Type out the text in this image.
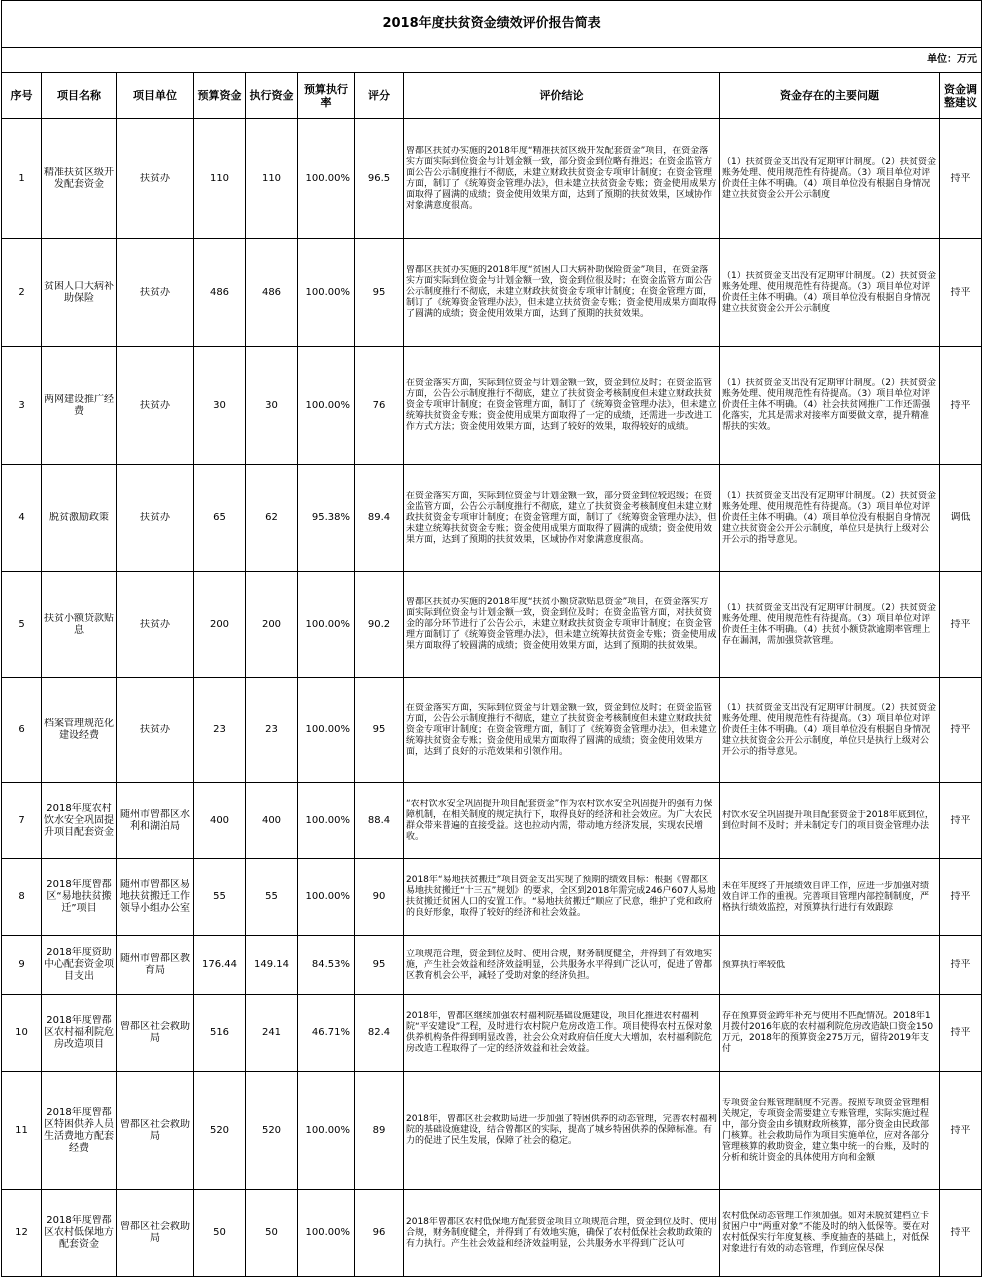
2018年度扶贫资金绩效评价报告简表									
单位：万元									
序号	项目名称	项目单位	预算资金	执行资金	预算执行率	评分	评价结论	资金存在的主要问题	资金调整建议

1	精准扶贫区级开发配套资金	扶贫办	110	110	100.00%	96.5	曾都区扶贫办实施的2018年度“精准扶贫区级开发配套资金”项目，在资金落实方面实际到位资金与计划金额一致，部分资金到位略有推迟；在资金监管方面公告公示制度推行不彻底，未建立财政扶贫资金专项审计制度；在资金管理方面，制订了《统筹资金管理办法》，但未建立扶贫资金专账；资金使用成果方面取得了圆满的成绩；资金使用效果方面，达到了预期的扶贫效果，区域协作对象满意度很高。	（1）扶贫资金支出没有定期审计制度。（2）扶贫资金账务处理、使用规范性有待提高。（3）项目单位对评价责任主体不明确。（4）项目单位没有根据自身情况建立扶贫资金公开公示制度	持平

2	贫困人口大病补助保险	扶贫办	486	486	100.00%	95	曾都区扶贫办实施的2018年度“贫困人口大病补助保险资金”项目，在资金落实方面实际到位资金与计划金额一致，资金到位很及时；在资金监管方面公告公示制度推行不彻底，未建立财政扶贫资金专项审计制度；在资金管理方面，制订了《统筹资金管理办法》，但未建立扶贫资金专账；资金使用成果方面取得了圆满的成绩；资金使用效果方面，达到了预期的扶贫效果。	（1）扶贫资金支出没有定期审计制度。（2）扶贫资金账务处理、使用规范性有待提高。（3）项目单位对评价责任主体不明确。（4）项目单位没有根据自身情况建立扶贫资金公开公示制度	持平

3	两网建设推广经费	扶贫办	30	30	100.00%	76	在资金落实方面，实际到位资金与计划金额一致，资金到位及时；在资金监管方面，公告公示制度推行不彻底，建立了扶贫资金考核制度但未建立财政扶贫资金专项审计制度；在资金管理方面，制订了《统筹资金管理办法》，但未建立统筹扶贫资金专账；资金使用成果方面取得了一定的成绩，还需进一步改进工作方式方法；资金使用效果方面，达到了较好的效果，取得较好的成绩。	（1）扶贫资金支出没有定期审计制度。（2）扶贫资金账务处理、使用规范性有待提高。（3）项目单位对评价责任主体不明确。（4）社会扶贫网推广工作还需强化落实，尤其是需求对接率方面要做文章，提升精准帮扶的实效。	持平

4	脱贫激励政策	扶贫办	65	62	95.38%	89.4	在资金落实方面，实际到位资金与计划金额一致，部分资金到位较迟缓；在资金监管方面，公告公示制度推行不彻底，建立了扶贫资金考核制度但未建立财政扶贫资金专项审计制度；在资金管理方面，制订了《统筹资金管理办法》，但未建立统筹扶贫资金专账；资金使用成果方面取得了圆满的成绩；资金使用效果方面，达到了预期的扶贫效果，区域协作对象满意度很高。	（1）扶贫资金支出没有定期审计制度。（2）扶贫资金账务处理、使用规范性有待提高。（3）项目单位对评价责任主体不明确。（4）项目单位没有根据自身情况建立扶贫资金公开公示制度，单位只是执行上级对公开公示的指导意见。	调低

5	扶贫小额贷款贴息	扶贫办	200	200	100.00%	90.2	曾都区扶贫办实施的2018年度“扶贫小额贷款贴息资金”项目，在资金落实方面实际到位资金与计划金额一致，资金到位及时；在资金监管方面，对扶贫资金的部分环节进行了公告公示，未建立财政扶贫资金专项审计制度；在资金管理方面制订了《统筹资金管理办法》，但未建立统筹扶贫资金专账；资金使用成果方面取得了较圆满的成绩；资金使用效果方面，达到了预期的扶贫效果。	（1）扶贫资金支出没有定期审计制度。（2）扶贫资金账务处理、使用规范性有待提高。（3）项目单位对评价责任主体不明确。（4）扶贫小额贷款逾期率管理上存在漏洞，需加强贷款管理。	持平

6	档案管理规范化建设经费	扶贫办	23	23	100.00%	95	在资金落实方面，实际到位资金与计划金额一致，资金到位及时；在资金监管方面，公告公示制度推行不彻底，建立了扶贫资金考核制度但未建立财政扶贫资金专项审计制度；在资金管理方面，制订了《统筹资金管理办法》，但未建立统筹扶贫资金专账；资金使用成果方面取得了圆满的成绩；资金使用效果方面，达到了良好的示范效果和引领作用。	（1）扶贫资金支出没有定期审计制度。（2）扶贫资金账务处理、使用规范性有待提高。（3）项目单位对评价责任主体不明确。（4）项目单位没有根据自身情况建立扶贫资金公开公示制度，单位只是执行上级对公开公示的指导意见。	持平

7	2018年度农村饮水安全巩固提升项目配套资金	随州市曾都区水利和湖泊局	400	400	100.00%	88.4	“农村饮水安全巩固提升项目配套资金”作为农村饮水安全巩固提升的强有力保障机制，在相关制度的规定执行下，取得良好的经济和社会效应。为广大农民群众带来普遍的直接受益。这也拉动内需，带动地方经济发展，实现农民增收。	村饮水安全巩固提升项目配套资金于2018年底到位，到位时间不及时；并未制定专门的项目资金管理办法	持平

8	2018年度曾都区“易地扶贫搬迁”项目	随州市曾都区易地扶贫搬迁工作领导小组办公室	55	55	100.00%	90	2018年“易地扶贫搬迁”项目资金支出实现了预期的绩效目标：根据《曾都区易地扶贫搬迁“十三五”规划》的要求，全区到2018年需完成246户607人易地扶贫搬迁贫困人口的安置工作。“易地扶贫搬迁”顺应了民意，维护了党和政府的良好形象，取得了较好的经济和社会效益。	未在年度终了开展绩效自评工作，应进一步加强对绩效自评工作的重视。完善项目管理内部控制制度，严格执行绩效监控，对预算执行进行有效跟踪	持平

9	2018年度资助中心配套资金项目支出	随州市曾都区教育局	176.44	149.14	84.53%	95	立项规范合理，资金到位及时、使用合规，财务制度健全，并得到了有效地实施，产生社会效益和经济效益明显，公共服务水平得到广泛认可，促进了曾都区教育机会公平，减轻了受助对象的经济负担。	预算执行率较低	持平

10	2018年度曾都区农村福利院危房改造项目	曾都区社会救助局	516	241	46.71%	82.4	2018年，曾都区继续加强农村福利院基础设施建设，项目化推进农村福利院“平安建设”工程，及时进行农村院户危房改造工作。项目使得农村五保对象供养机构条件得到明显改善，社会公众对政府信任度大大增加，农村福利院危房改造工程取得了一定的经济效益和社会效益。	存在预算资金跨年补充与使用不匹配情况。2018年1月拨付2016年底的农村福利院危房改造缺口资金150万元，2018年的预算资金275万元，留待2019年支付	持平

11	2018年度曾都区特困供养人员生活费地方配套经费	曾都区社会救助局	520	520	100.00%	89	2018年，曾都区社会救助局进一步加强了特困供养的动态管理，完善农村福利院的基础设施建设，结合曾都区的实际，提高了城乡特困供养的保障标准。有力的促进了民生发展，保障了社会的稳定。	专项资金台账管理制度不完善。按照专项资金管理相关规定，专项资金需要建立专账管理，实际实施过程中，部分资金由乡镇财政所核算，部分资金由民政部门核算。社会救助局作为项目实施单位，应对各部分管理核算的救助资金，建立集中统一的台账，及时的分析和统计资金的具体使用方向和金额	持平

12	2018年度曾都区农村低保地方配套资金	曾都区社会救助局	50	50	100.00%	96	2018年曾都区农村低保地方配套资金项目立项规范合理，资金到位及时、使用合规，财务制度健全，并得到了有效地实施，确保了农村低保社会救助政策的有力执行。产生社会效益和经济效益明显，公共服务水平得到广泛认可	农村低保动态管理工作须加强。如对未脱贫建档立卡贫困户中“两重对象”不能及时的纳入低保等。要在对农村低保实行年度复核、季度抽查的基础上，对低保对象进行有效的动态管理，作到应保尽保	持平
